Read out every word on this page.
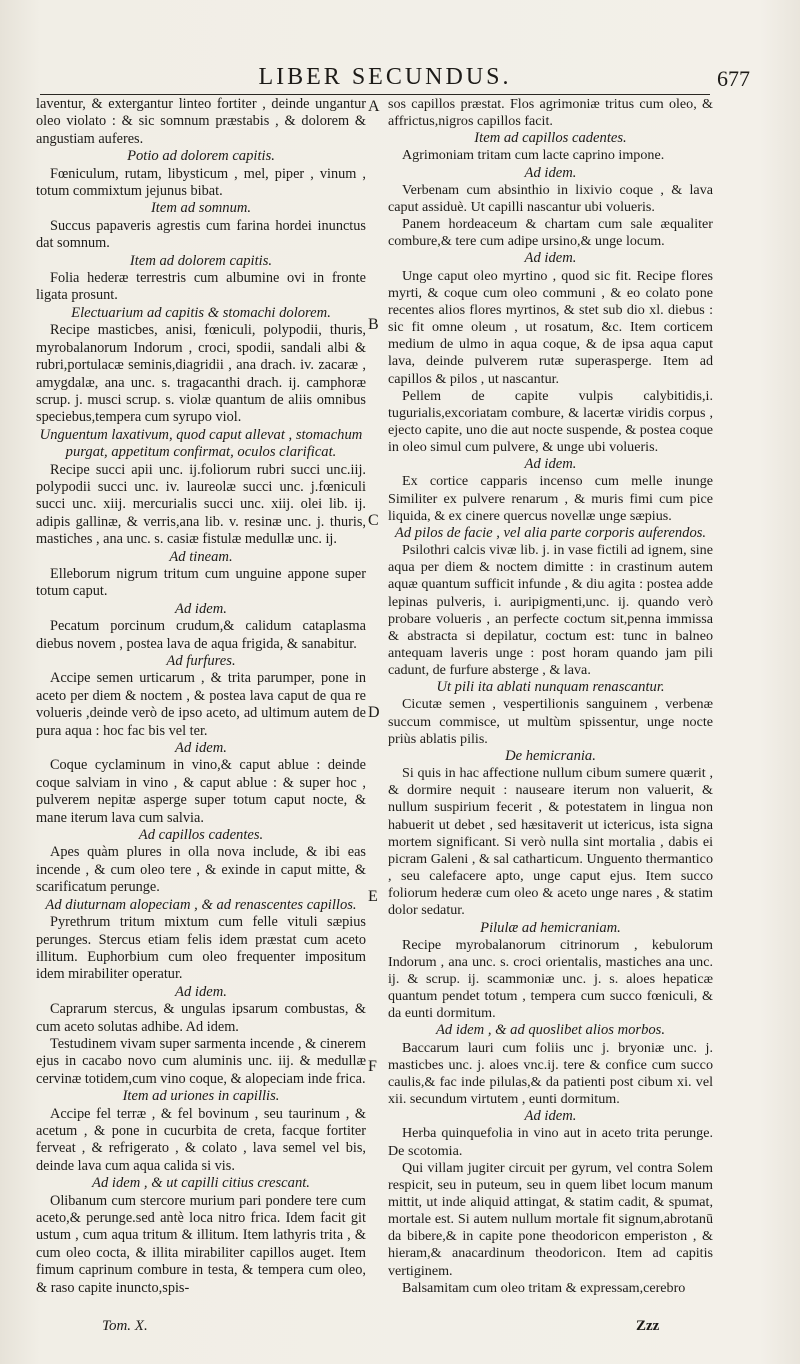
LIBER SECUNDUS.	677
laventur, & extergantur linteo fortiter , deinde ungantur oleo violato : & sic somnum præstabis , & dolorem & angustiam auferes.
Potio ad dolorem capitis.
Fœniculum, rutam, libysticum , mel, piper , vinum , totum commixtum jejunus bibat.
Item ad somnum.
Succus papaveris agrestis cum farina hordei inunctus dat somnum.
Item ad dolorem capitis.
Folia hederæ terrestris cum albumine ovi in fronte ligata prosunt.
Electuarium ad capitis & stomachi dolorem.
Recipe masticbes, anisi, fœniculi, polypodii, thuris, myrobalanorum Indorum , croci, spodii, sandali albi & rubri,portulacæ seminis,diagridii , ana drach. iv. zacaræ , amygdalæ, ana unc. s. tragacanthi drach. ij. camphoræ scrup. j. musci scrup. s. violæ quantum de aliis omnibus speciebus,tempera cum syrupo viol.
Unguentum laxativum, quod caput allevat , stomachum purgat, appetitum confirmat, oculos clarificat.
Recipe succi apii unc. ij.foliorum rubri succi unc.iij. polypodii succi unc. iv. laureolæ succi unc. j.fœniculi succi unc. xiij. mercurialis succi unc. xiij. olei lib. ij. adipis gallinæ, & verris,ana lib. v. resinæ unc. j. thuris, mastiches , ana unc. s. casiæ fistulæ medullæ unc. ij.
Ad tineam.
Elleborum nigrum tritum cum unguine appone super totum caput.
Ad idem.
Pecatum porcinum crudum,& calidum cataplasma diebus novem , postea lava de aqua frigida, & sanabitur.
Ad furfures.
Accipe semen urticarum , & trita parumper, pone in aceto per diem & noctem , & postea lava caput de qua re volueris ,deinde verò de ipso aceto, ad ultimum autem de pura aqua : hoc fac bis vel ter.
Ad idem.
Coque cyclaminum in vino,& caput ablue : deinde coque salviam in vino , & caput ablue : & super hoc , pulverem nepitæ asperge super totum caput nocte, & mane iterum lava cum salvia.
Ad capillos cadentes.
Apes quàm plures in olla nova include, & ibi eas incende , & cum oleo tere , & exinde in caput mitte, & scarificatum perunge.
Ad diuturnam alopeciam , & ad renascentes capillos.
Pyrethrum tritum mixtum cum felle vituli sæpius perunges. Stercus etiam felis idem præstat cum aceto illitum. Euphorbium cum oleo frequenter impositum idem mirabiliter operatur.
Ad idem.
Caprarum stercus, & ungulas ipsarum combustas, & cum aceto solutas adhibe. Ad idem.
Testudinem vivam super sarmenta incende , & cinerem ejus in cacabo novo cum aluminis unc. iij. & medullæ cervinæ totidem,cum vino coque, & alopeciam inde frica.
Item ad uriones in capillis.
Accipe fel terræ , & fel bovinum , seu taurinum , & acetum , & pone in cucurbita de creta, facque fortiter ferveat , & refrigerato , & colato , lava semel vel bis, deinde lava cum aqua calida si vis.
Ad idem , & ut capilli citius crescant.
Olibanum cum stercore murium pari pondere tere cum aceto,& perunge.sed antè loca nitro frica. Idem facit git ustum , cum aqua tritum & illitum. Item lathyris trita , & cum oleo cocta, & illita mirabiliter capillos auget. Item fimum caprinum combure in testa, & tempera cum oleo, & raso capite inuncto,spis-
sos capillos præstat. Flos agrimoniæ tritus cum oleo, & affrictus,nigros capillos facit.
Item ad capillos cadentes.
Agrimoniam tritam cum lacte caprino impone.
Ad idem.
Verbenam cum absinthio in lixivio coque , & lava caput assiduè. Ut capilli nascantur ubi volueris.
Panem hordeaceum & chartam cum sale æqualiter combure,& tere cum adipe ursino,& unge locum.
Ad idem.
Unge caput oleo myrtino , quod sic fit. Recipe flores myrti, & coque cum oleo communi , & eo colato pone recentes alios flores myrtinos, & stet sub dio xl. diebus : sic fit omne oleum , ut rosatum, &c. Item corticem medium de ulmo in aqua coque, & de ipsa aqua caput lava, deinde pulverem rutæ superasperge. Item ad capillos & pilos , ut nascantur.
Pellem de capite vulpis calybitidis,i. tugurialis,excoriatam combure, & lacertæ viridis corpus , ejecto capite, uno die aut nocte suspende, & postea coque in oleo simul cum pulvere, & unge ubi volueris.
Ad idem.
Ex cortice capparis incenso cum melle inunge Similiter ex pulvere renarum , & muris fimi cum pice liquida, & ex cinere quercus novellæ unge sæpius.
Ad pilos de facie , vel alia parte corporis auferendos.
Psilothri calcis vivæ lib. j. in vase fictili ad ignem, sine aqua per diem & noctem dimitte : in crastinum autem aquæ quantum sufficit infunde , & diu agita : postea adde lepinas pulveris, i. auripigmenti,unc. ij. quando verò probare volueris , an perfecte coctum sit,penna immissa & abstracta si depilatur, coctum est: tunc in balneo antequam laveris unge : post horam quando jam pili cadunt, de furfure absterge , & lava.
Ut pili ita ablati nunquam renascantur.
Cicutæ semen , vespertilionis sanguinem , verbenæ succum commisce, ut multùm spissentur, unge nocte priùs ablatis pilis.
De hemicrania.
Si quis in hac affectione nullum cibum sumere quærit , & dormire nequit : nauseare iterum non valuerit, & nullum suspirium fecerit , & potestatem in lingua non habuerit ut debet , sed hæsitaverit ut ictericus, ista signa mortem significant. Si verò nulla sint mortalia , dabis ei picram Galeni , & sal catharticum. Unguento thermantico , seu calefacere apto, unge caput ejus. Item succo foliorum hederæ cum oleo & aceto unge nares , & statim dolor sedatur.
Pilulæ ad hemicraniam.
Recipe myrobalanorum citrinorum , kebulorum Indorum , ana unc. s. croci orientalis, mastiches ana unc. ij. & scrup. ij. scammoniæ unc. j. s. aloes hepaticæ quantum pendet totum , tempera cum succo fœniculi, & da eunti dormitum.
Ad idem , & ad quoslibet alios morbos.
Baccarum lauri cum foliis unc j. bryoniæ unc. j. masticbes unc. j. aloes vnc.ij. tere & confice cum succo caulis,& fac inde pilulas,& da patienti post cibum xi. vel xii. secundum virtutem , eunti dormitum.
Ad idem.
Herba quinquefolia in vino aut in aceto trita perunge. De scotomia.
Qui villam jugiter circuit per gyrum, vel contra Solem respicit, seu in puteum, seu in quem libet locum manum mittit, ut inde aliquid attingat, & statim cadit, & spumat, mortale est. Si autem nullum mortale fit signum,abrotanū da bibere,& in capite pone theodoricon emperiston , & hieram,& anacardinum theodoricon. Item ad capitis vertiginem.
Balsamitam cum oleo tritam & expressam,cerebro
A
B
C
D
E
F
Tom. X.	Zzz
